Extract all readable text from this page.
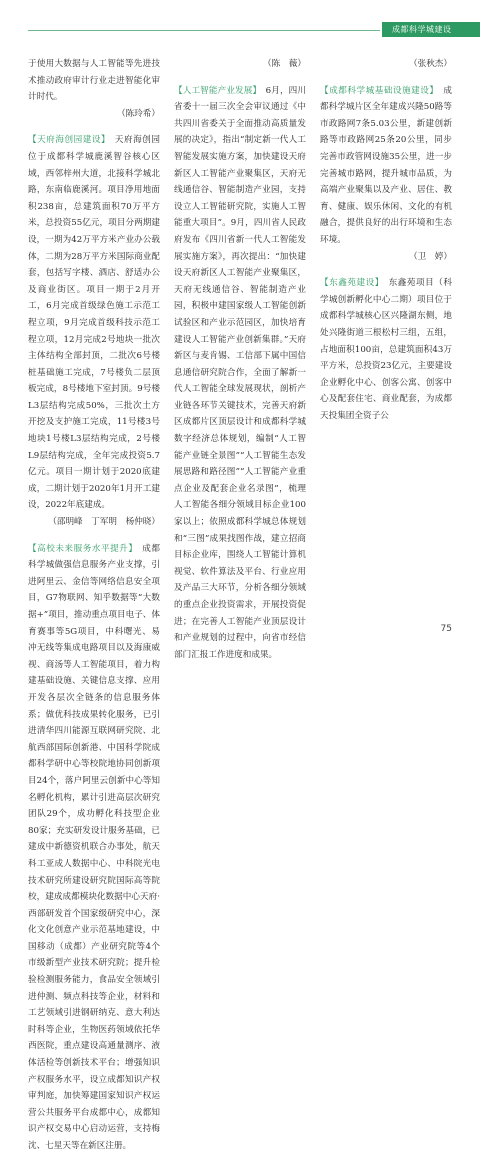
成都科学城建设

于使用大数据与人工智能等先进技术推动政府审计行业走进智能化审计时代。

（陈玲希）

【天府海创园建设】　 天府海创园位于成都科学城鹿溪智谷核心区域，西邻梓州大道，北接科学城北路，东南临鹿溪河。项目净用地面积238亩，总建筑面积70万平方米，总投资55亿元，项目分两期建设，一期为42万平方米产业办公载体，二期为28万平方米国际商业配套，包括写字楼、酒店、舒适办公及商业街区。项目一期于2月开工，6月完成首级绿色施工示范工程立项，9月完成首级科技示范工程立项，12月完成2号地块一批次主体结构全部封顶，二批次6号楼桩基础施工完成，7号楼负二层顶板完成，8号楼地下室封顶。9号楼L3层结构完成50%，三批次土方开挖及支护施工完成，11号楼3号地块1号楼L3层结构完成，2号楼L9层结构完成，全年完成投资5.7亿元。项目一期计划于2020底建成，二期计划于2020年1月开工建设，2022年底建成。

（邵明峰　丁军明　杨仲晓）

【高校未来服务水平提升】　 成都科学城做强信息服务产业支撑，引进阿里云、金信等网络信息安全项目，G7物联网、知乎数据等“大数据+”项目，推动重点项目电子、体育赛事等5G项目，中科曙光、易冲无线等集成电路项目以及海康威视、商汤等人工智能项目，着力构建基础设施、关键信息支撑、应用开发各层次全链条的信息服务体系；做优科技成果转化服务，已引进清华四川能源互联网研究院、北航西部国际创新港、中国科学院成都科学研中心等校院地协同创新项目24个，落户阿里云创新中心等知名孵化机构，累计引进高层次研究团队29个，成功孵化科技型企业80家；充实研发设计服务基础，已建成中新德资机联合办事处，航天科工亚成人数据中心、中科院光电技术研究所建设研究院国际高等院校，建成成都模块化数据中心天府·西部研发首个国家级研究中心，深化文化创意产业示范基地建设，中国移动（成都）产业研究院等4个市级新型产业技术研究院；提升检验检测服务能力，食品安全领域引进仲测、频点科技等企业，材料和工艺领域引进钢研纳克、意大利达时科等企业，生物医药领域依托华西医院，重点建设高通量测序、液体活检等创新技术平台；增强知识产权服务水平，设立成都知识产权审判庭，加快筹建国家知识产权运营公共服务平台成都中心，成都知识产权交易中心启动运营，支持梅沈、七星天等在新区注册。

（陈　薇）

【人工智能产业发展】　 6月，四川省委十一届三次全会审议通过《中共四川省委关于全面推动高质量发展的决定》，指出“制定新一代人工智能发展实施方案，加快建设天府新区人工智能产业聚集区，天府无线通信谷、智能制造产业园，支持设立人工智能研究院，实施人工智能重大项目”。9月，四川省人民政府发布《四川省新一代人工智能发展实施方案》，再次提出：“加快建设天府新区人工智能产业聚集区，天府无线通信谷、智能制造产业园，积极申建国家级人工智能创新试验区和产业示范园区，加快培育建设人工智能产业创新集群。”天府新区与麦肯锡、工信部下属中国信息通信研究院合作，全面了解新一代人工智能全球发展现状，剖析产业链各环节关键技术，完善天府新区成都片区顶层设计和成都科学城数字经济总体规划，编制“人工智能产业链全景图”“人工智能生态发展思路和路径图”“人工智能产业重点企业及配套企业名录图”，梳理人工智能各细分领域目标企业100家以上；依照成都科学城总体规划和“三图”成果找图作战，建立招商目标企业库，围绕人工智能计算机视觉、软件算法及平台、行业应用及产品三大环节，分析各细分领域的重点企业投资需求，开展投资促进；在完善人工智能产业顶层设计和产业规划的过程中，向省市经信部门汇报工作进度和成果。

（张秋杰）

【成都科学城基础设施建设】　 成都科学城片区全年建成兴隆50路等市政路网7条5.03公里，新建创新路等市政路网25条20公里，同步完善市政管网设施35公里，进一步完善城市路网，提升城市品质，为高端产业聚集以及产业、居住、教育、健康、娱乐休闲、文化的有机融合，提供良好的出行环境和生态环境。

（卫　婷）

【东鑫苑建设】　 东鑫苑项目（科学城创新孵化中心二期）项目位于成都科学城核心区兴隆湖东侧，地处兴隆街道三根松村三组，五组，占地面积100亩，总建筑面积43万平方米，总投资23亿元，主要建设企业孵化中心、创客公寓、创客中心及配套住宅、商业配套，为成都天投集团全资子公

75
